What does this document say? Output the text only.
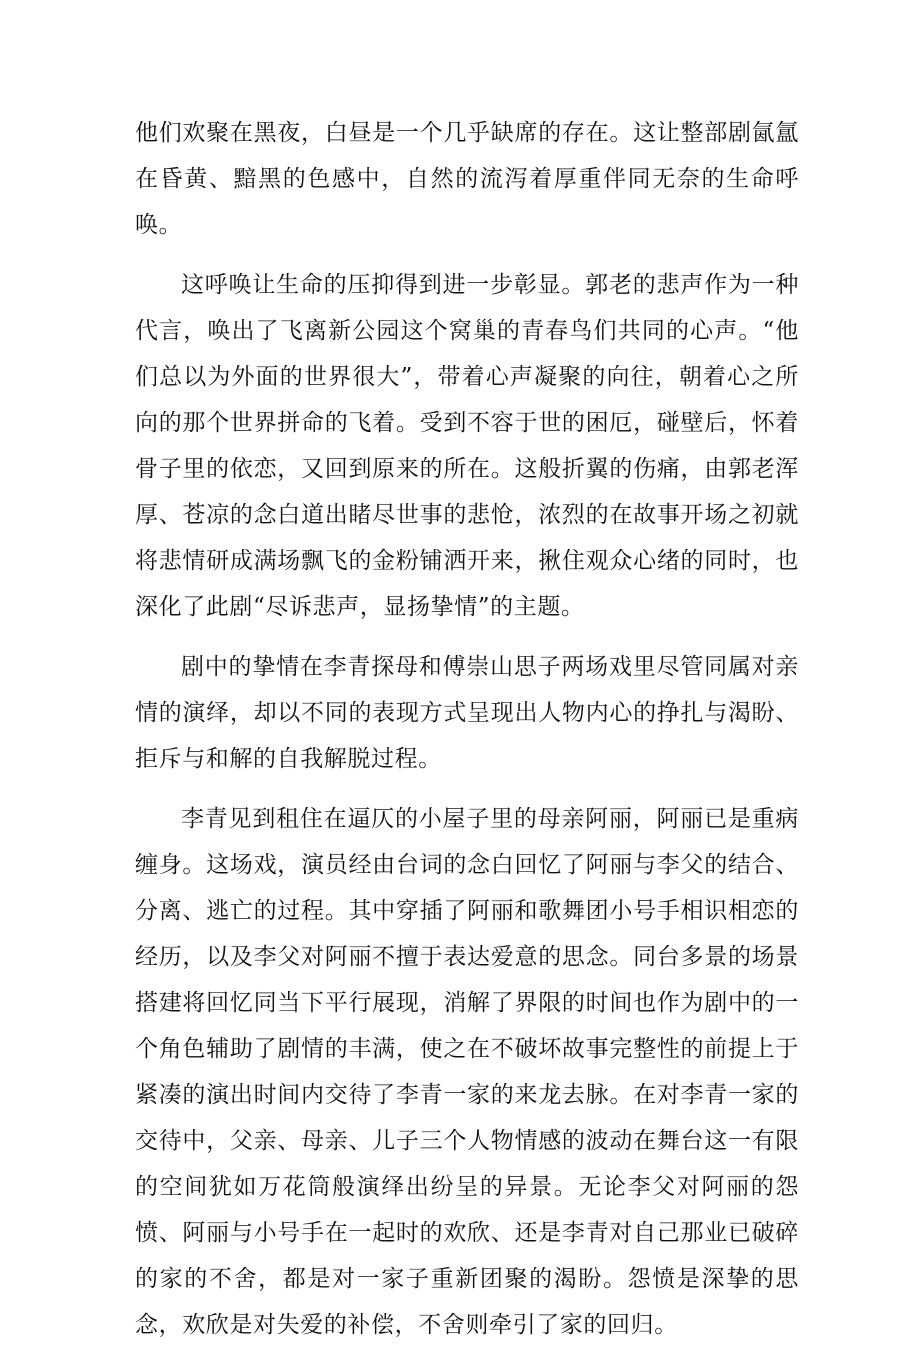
他们欢聚在黑夜，白昼是一个几乎缺席的存在。这让整部剧氤氲在昏黄、黯黑的色感中，自然的流泻着厚重伴同无奈的生命呼唤。

这呼唤让生命的压抑得到进一步彰显。郭老的悲声作为一种代言，唤出了飞离新公园这个窝巢的青春鸟们共同的心声。“他们总以为外面的世界很大”，带着心声凝聚的向往，朝着心之所向的那个世界拼命的飞着。受到不容于世的困厄，碰壁后，怀着骨子里的依恋，又回到原来的所在。这般折翼的伤痛，由郭老浑厚、苍凉的念白道出睹尽世事的悲怆，浓烈的在故事开场之初就将悲情研成满场飘飞的金粉铺洒开来，揪住观众心绪的同时，也深化了此剧“尽诉悲声，显扬挚情”的主题。

剧中的挚情在李青探母和傅崇山思子两场戏里尽管同属对亲情的演绎，却以不同的表现方式呈现出人物内心的挣扎与渴盼、拒斥与和解的自我解脱过程。

李青见到租住在逼仄的小屋子里的母亲阿丽，阿丽已是重病缠身。这场戏，演员经由台词的念白回忆了阿丽与李父的结合、分离、逃亡的过程。其中穿插了阿丽和歌舞团小号手相识相恋的经历，以及李父对阿丽不擅于表达爱意的思念。同台多景的场景搭建将回忆同当下平行展现，消解了界限的时间也作为剧中的一个角色辅助了剧情的丰满，使之在不破坏故事完整性的前提上于紧凑的演出时间内交待了李青一家的来龙去脉。在对李青一家的交待中，父亲、母亲、儿子三个人物情感的波动在舞台这一有限的空间犹如万花筒般演绎出纷呈的异景。无论李父对阿丽的怨愤、阿丽与小号手在一起时的欢欣、还是李青对自己那业已破碎的家的不舍，都是对一家子重新团聚的渴盼。怨愤是深挚的思念，欢欣是对失爱的补偿，不舍则牵引了家的回归。
